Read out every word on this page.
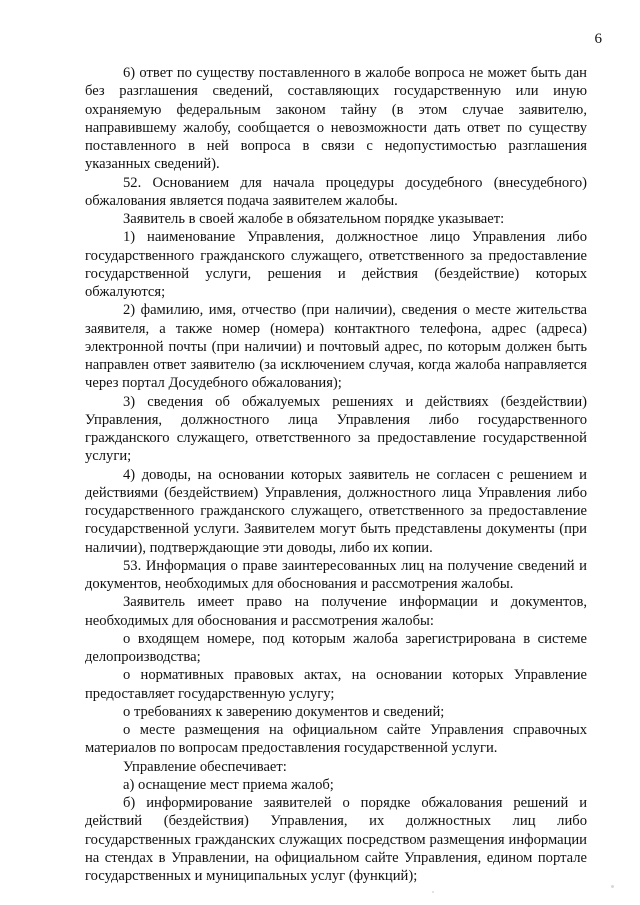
6

6) ответ по существу поставленного в жалобе вопроса не может быть дан без разглашения сведений, составляющих государственную или иную охраняемую федеральным законом тайну (в этом случае заявителю, направившему жалобу, сообщается о невозможности дать ответ по существу поставленного в ней вопроса в связи с недопустимостью разглашения указанных сведений).

52. Основанием для начала процедуры досудебного (внесудебного) обжалования является подача заявителем жалобы.

Заявитель в своей жалобе в обязательном порядке указывает:

1) наименование Управления, должностное лицо Управления либо государственного гражданского служащего, ответственного за предоставление государственной услуги, решения и действия (бездействие) которых обжалуются;

2) фамилию, имя, отчество (при наличии), сведения о месте жительства заявителя, а также номер (номера) контактного телефона, адрес (адреса) электронной почты (при наличии) и почтовый адрес, по которым должен быть направлен ответ заявителю (за исключением случая, когда жалоба направляется через портал Досудебного обжалования);

3) сведения об обжалуемых решениях и действиях (бездействии) Управления, должностного лица Управления либо государственного гражданского служащего, ответственного за предоставление государственной услуги;

4) доводы, на основании которых заявитель не согласен с решением и действиями (бездействием) Управления, должностного лица Управления либо государственного гражданского служащего, ответственного за предоставление государственной услуги. Заявителем могут быть представлены документы (при наличии), подтверждающие эти доводы, либо их копии.

53. Информация о праве заинтересованных лиц на получение сведений и документов, необходимых для обоснования и рассмотрения жалобы.

Заявитель имеет право на получение информации и документов, необходимых для обоснования и рассмотрения жалобы:

о входящем номере, под которым жалоба зарегистрирована в системе делопроизводства;

о нормативных правовых актах, на основании которых Управление предоставляет государственную услугу;

о требованиях к заверению документов и сведений;

о месте размещения на официальном сайте Управления справочных материалов по вопросам предоставления государственной услуги.

Управление обеспечивает:

а) оснащение мест приема жалоб;

б) информирование заявителей о порядке обжалования решений и действий (бездействия) Управления, их должностных лиц либо государственных гражданских служащих посредством размещения информации на стендах в Управлении, на официальном сайте Управления, едином портале государственных и муниципальных услуг (функций);
